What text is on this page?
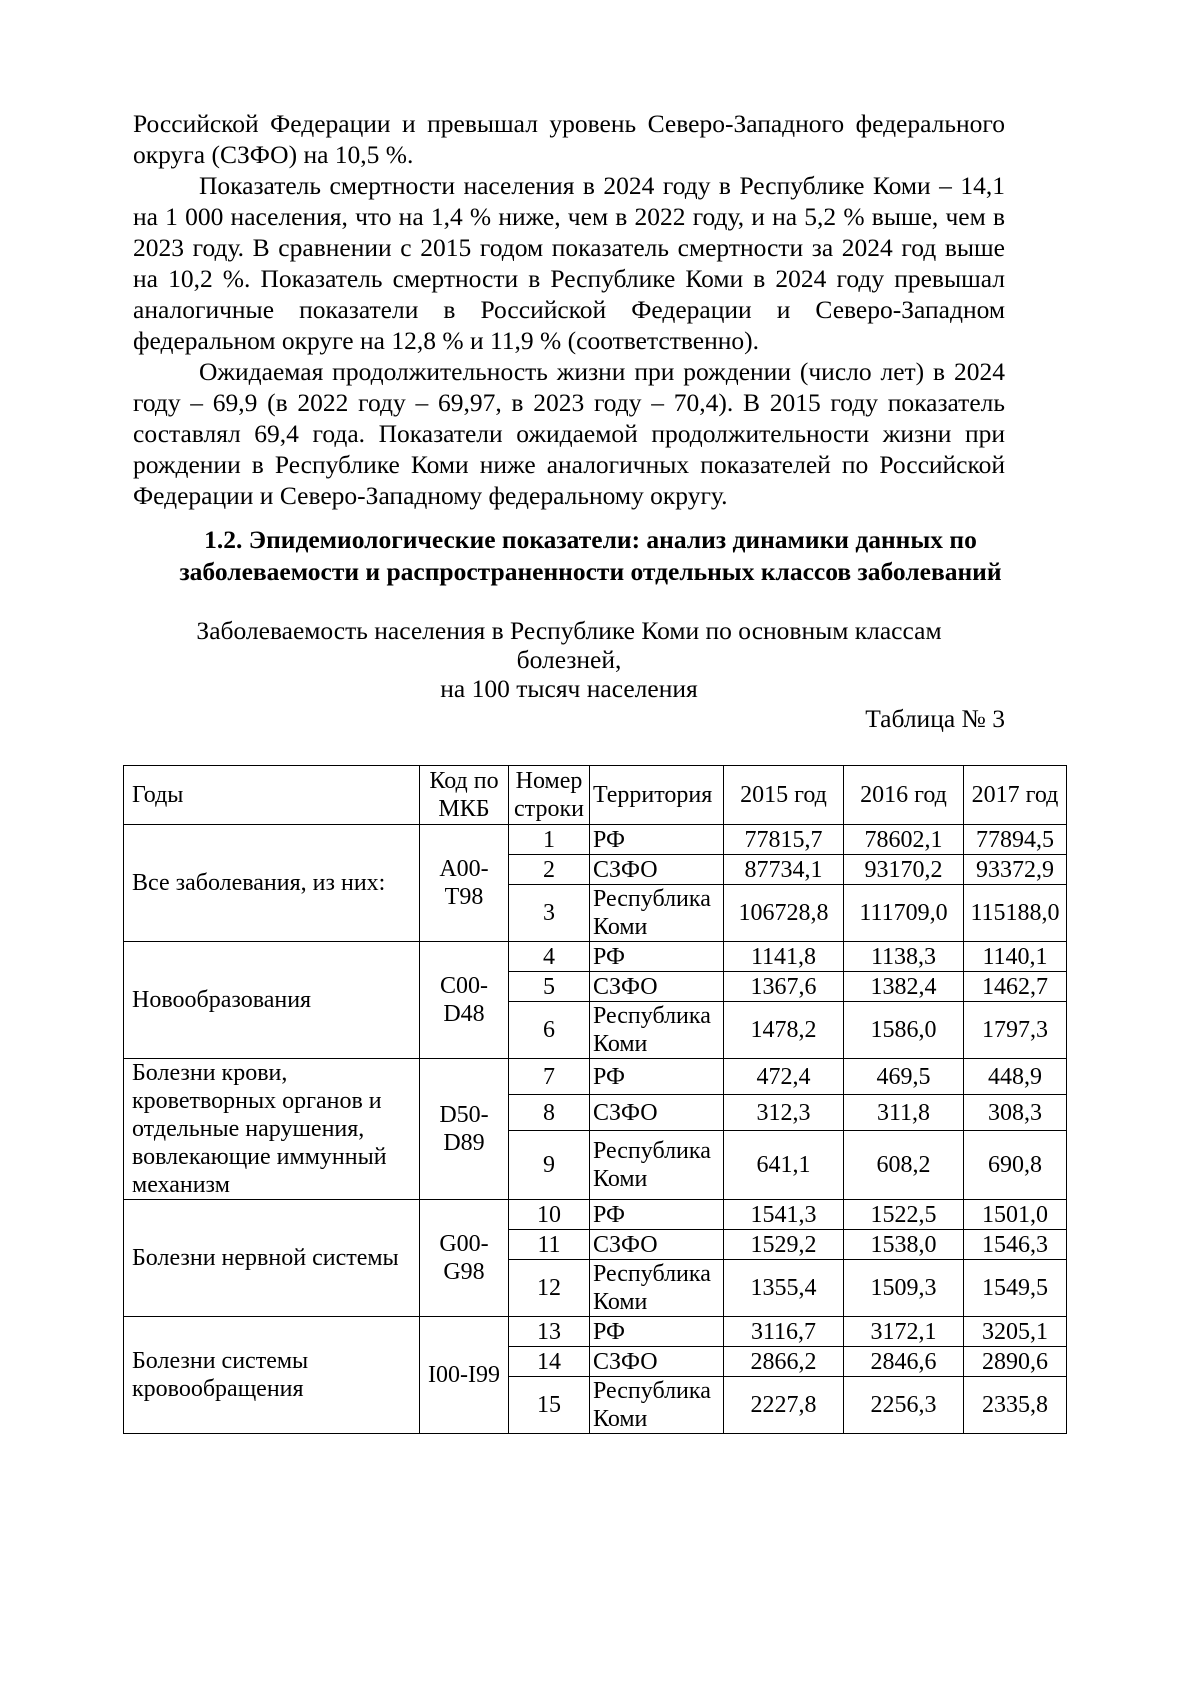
Российской Федерации и превышал уровень Северо-Западного федерального округа (СЗФО) на 10,5 %.

Показатель смертности населения в 2024 году в Республике Коми – 14,1 на 1 000 населения, что на 1,4 % ниже, чем в 2022 году, и на 5,2 % выше, чем в 2023 году. В сравнении с 2015 годом показатель смертности за 2024 год выше на 10,2 %. Показатель смертности в Республике Коми в 2024 году превышал аналогичные показатели в Российской Федерации и Северо-Западном федеральном округе на 12,8 % и 11,9 % (соответственно).

Ожидаемая продолжительность жизни при рождении (число лет) в 2024 году – 69,9 (в 2022 году – 69,97, в 2023 году – 70,4). В 2015 году показатель составлял 69,4 года. Показатели ожидаемой продолжительности жизни при рождении в Республике Коми ниже аналогичных показателей по Российской Федерации и Северо-Западному федеральному округу.

1.2. Эпидемиологические показатели: анализ динамики данных по заболеваемости и распространенности отдельных классов заболеваний
Заболеваемость населения в Республике Коми по основным классам
болезней,
на 100 тысяч населения
Таблица № 3
Годы	Код по МКБ	Номер строки	Территория	2015 год	2016 год	2017 год
Все заболевания, из них:	A00-T98	1	РФ	77815,7	78602,1	77894,5
		2	СЗФО	87734,1	93170,2	93372,9
		3	Республика Коми	106728,8	111709,0	115188,0
Новообразования	C00-D48	4	РФ	1141,8	1138,3	1140,1
		5	СЗФО	1367,6	1382,4	1462,7
		6	Республика Коми	1478,2	1586,0	1797,3
Болезни крови, кроветворных органов и отдельные нарушения, вовлекающие иммунный механизм	D50-D89	7	РФ	472,4	469,5	448,9
		8	СЗФО	312,3	311,8	308,3
		9	Республика Коми	641,1	608,2	690,8
Болезни нервной системы	G00-G98	10	РФ	1541,3	1522,5	1501,0
		11	СЗФО	1529,2	1538,0	1546,3
		12	Республика Коми	1355,4	1509,3	1549,5
Болезни системы кровообращения	I00-I99	13	РФ	3116,7	3172,1	3205,1
		14	СЗФО	2866,2	2846,6	2890,6
		15	Республика Коми	2227,8	2256,3	2335,8
